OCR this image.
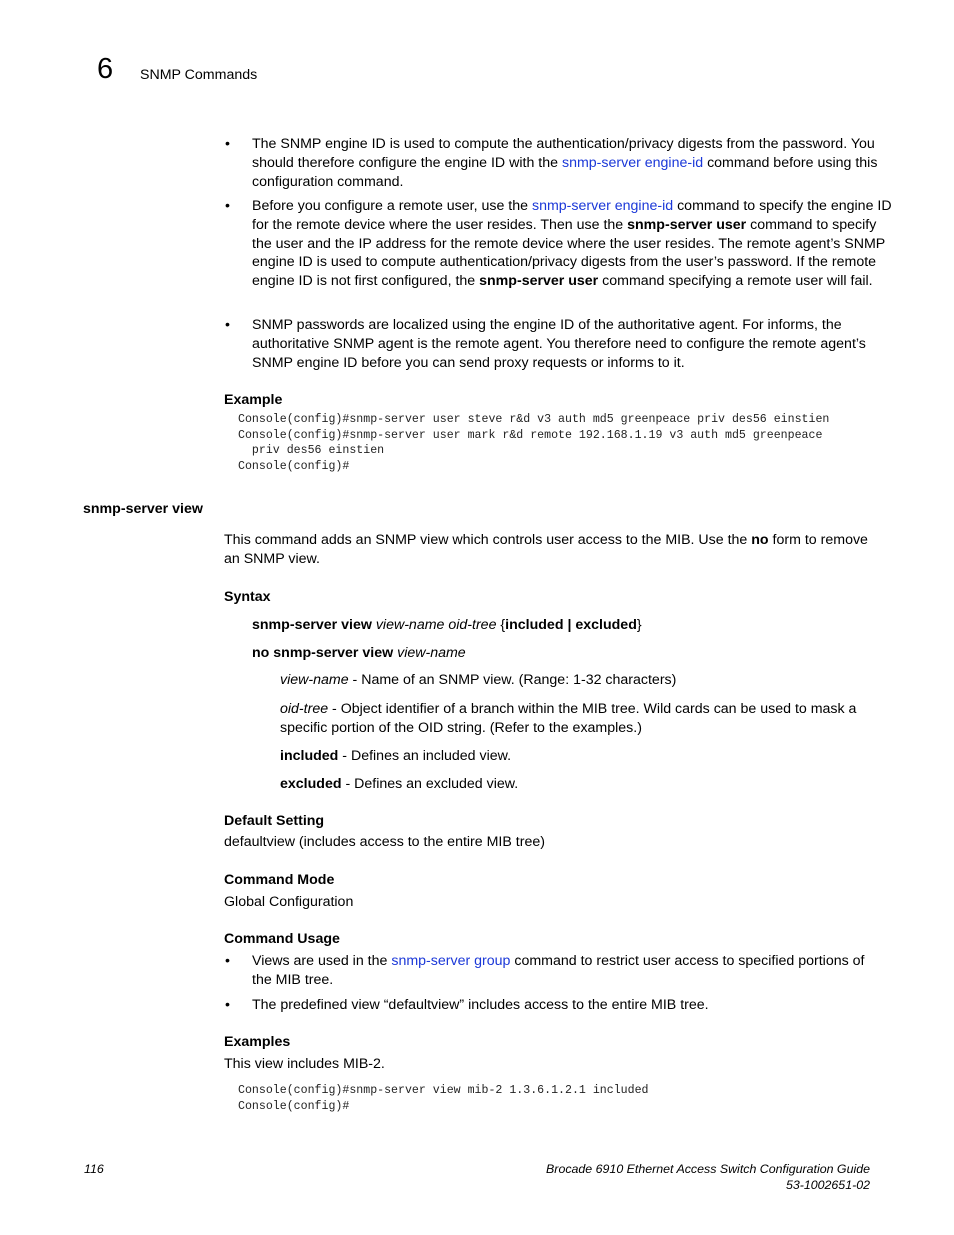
6 SNMP Commands
• The SNMP engine ID is used to compute the authentication/privacy digests from the password. You should therefore configure the engine ID with the snmp-server engine-id command before using this configuration command.
• Before you configure a remote user, use the snmp-server engine-id command to specify the engine ID for the remote device where the user resides. Then use the snmp-server user command to specify the user and the IP address for the remote device where the user resides. The remote agent’s SNMP engine ID is used to compute authentication/privacy digests from the user’s password. If the remote engine ID is not first configured, the snmp-server user command specifying a remote user will fail.
• SNMP passwords are localized using the engine ID of the authoritative agent. For informs, the authoritative SNMP agent is the remote agent. You therefore need to configure the remote agent’s SNMP engine ID before you can send proxy requests or informs to it.
Example
Console(config)#snmp-server user steve r&d v3 auth md5 greenpeace priv des56 einstien
Console(config)#snmp-server user mark r&d remote 192.168.1.19 v3 auth md5 greenpeace
priv des56 einstien
Console(config)#
snmp-server view
This command adds an SNMP view which controls user access to the MIB. Use the no form to remove an SNMP view.
Syntax
snmp-server view view-name oid-tree {included | excluded}
no snmp-server view view-name
view-name - Name of an SNMP view. (Range: 1-32 characters)
oid-tree - Object identifier of a branch within the MIB tree. Wild cards can be used to mask a specific portion of the OID string. (Refer to the examples.)
included - Defines an included view.
excluded - Defines an excluded view.
Default Setting
defaultview (includes access to the entire MIB tree)
Command Mode
Global Configuration
Command Usage
• Views are used in the snmp-server group command to restrict user access to specified portions of the MIB tree.
• The predefined view “defaultview” includes access to the entire MIB tree.
Examples
This view includes MIB-2.
Console(config)#snmp-server view mib-2 1.3.6.1.2.1 included
Console(config)#
116	Brocade 6910 Ethernet Access Switch Configuration Guide
53-1002651-02
